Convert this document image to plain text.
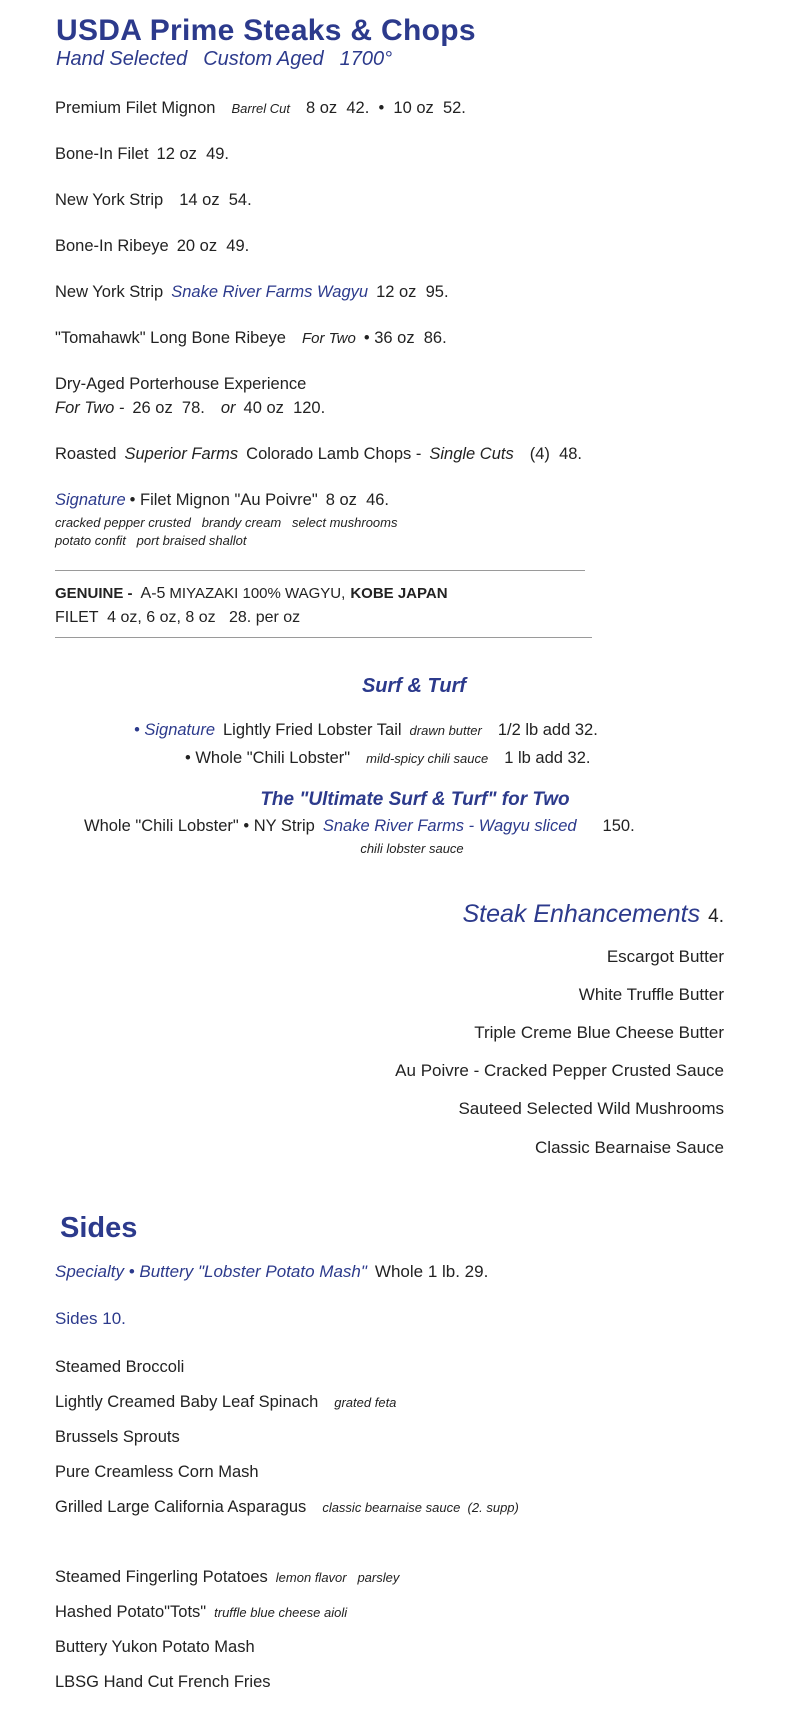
USDA Prime Steaks & Chops
Hand Selected Custom Aged 1700°
Premium Filet Mignon Barrel Cut 8 oz  42.  •  10 oz  52.
Bone-In Filet 12 oz  49.
New York Strip 14 oz  54.
Bone-In Ribeye 20 oz  49.
New York Strip Snake River Farms Wagyu 12 oz  95.
"Tomahawk" Long Bone Ribeye For Two • 36 oz  86.
Dry-Aged Porterhouse Experience
For Two - 26 oz  78. or 40 oz  120.
Roasted Superior Farms Colorado Lamb Chops - Single Cuts (4)  48.
Signature • Filet Mignon "Au Poivre" 8 oz  46.
cracked pepper crusted   brandy cream   select mushrooms
potato confit   port braised shallot
GENUINE - A-5 MIYAZAKI 100% WAGYU, KOBE JAPAN
FILET  4 oz, 6 oz, 8 oz   28. per oz
Surf & Turf
• Signature Lightly Fried Lobster Tail drawn butter 1/2 lb add 32.
• Whole "Chili Lobster" mild-spicy chili sauce 1 lb add 32.
The "Ultimate Surf & Turf" for Two
Whole "Chili Lobster" • NY Strip Snake River Farms - Wagyu sliced 150.
chili lobster sauce
Steak Enhancements 4.
Escargot Butter
White Truffle Butter
Triple Creme Blue Cheese Butter
Au Poivre - Cracked Pepper Crusted Sauce
Sauteed Selected Wild Mushrooms
Classic Bearnaise Sauce
Sides
Specialty • Buttery "Lobster Potato Mash" Whole 1 lb. 29.
Sides 10.
Steamed Broccoli
Lightly Creamed Baby Leaf Spinach grated feta
Brussels Sprouts
Pure Creamless Corn Mash
Grilled Large California Asparagus classic bearnaise sauce  (2. supp)
Steamed Fingerling Potatoes lemon flavor   parsley
Hashed Potato"Tots" truffle blue cheese aioli
Buttery Yukon Potato Mash
LBSG Hand Cut French Fries
